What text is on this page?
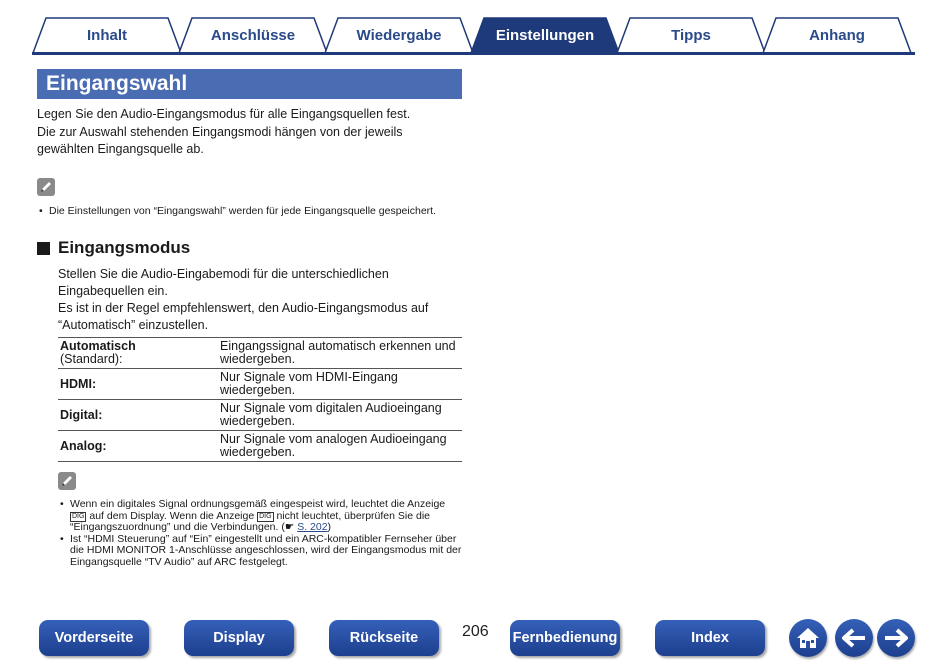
Inhalt	Anschlüsse	Wiedergabe	Einstellungen	Tipps	Anhang
Eingangswahl

Legen Sie den Audio-Eingangsmodus für alle Eingangsquellen fest.

Die zur Auswahl stehenden Eingangsmodi hängen von der jeweils gewählten Eingangsquelle ab.

• Die Einstellungen von “Eingangswahl” werden für jede Eingangsquelle gespeichert.
Eingangsmodus

Stellen Sie die Audio-Eingabemodi für die unterschiedlichen Eingabequellen ein.

Es ist in der Regel empfehlenswert, den Audio-Eingangsmodus auf “Automatisch” einzustellen.

Automatisch
(Standard):	Eingangssignal automatisch erkennen und wiedergeben.
HDMI:	Nur Signale vom HDMI-Eingang wiedergeben.
Digital:	Nur Signale vom digitalen Audioeingang wiedergeben.
Analog:	Nur Signale vom analogen Audioeingang wiedergeben.
• Wenn ein digitales Signal ordnungsgemäß eingespeist wird, leuchtet die Anzeige DIG auf dem Display. Wenn die Anzeige DIG nicht leuchtet, überprüfen Sie die “Eingangszuordnung” und die Verbindungen. (☛ S. 202)
• Ist “HDMI Steuerung” auf “Ein” eingestellt und ein ARC-kompatibler Fernseher über die HDMI MONITOR 1-Anschlüsse angeschlossen, wird der Eingangsmodus mit der Eingangsquelle “TV Audio” auf ARC festgelegt.
Vorderseite	Display	Rückseite	206 Fernbedienung	Index
